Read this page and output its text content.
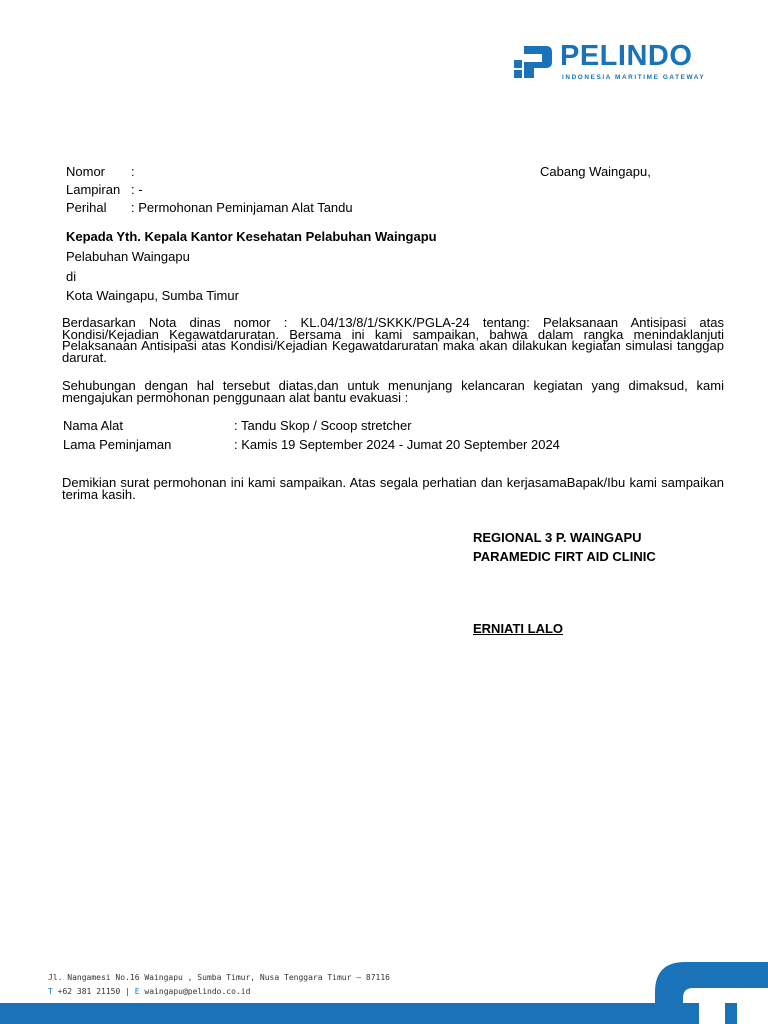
PELINDO
INDONESIA MARITIME GATEWAY
Nomor :	Cabang Waingapu,
Lampiran : -
Perihal : Permohonan Peminjaman Alat Tandu
Kepada Yth. Kepala Kantor Kesehatan Pelabuhan Waingapu
Pelabuhan Waingapu
di
Kota Waingapu, Sumba Timur
Berdasarkan Nota dinas nomor : KL.04/13/8/1/SKKK/PGLA-24 tentang: Pelaksanaan Antisipasi atas Kondisi/Kejadian Kegawatdaruratan. Bersama ini kami sampaikan, bahwa dalam rangka menindaklanjuti Pelaksanaan Antisipasi atas Kondisi/Kejadian Kegawatdaruratan maka akan dilakukan kegiatan simulasi tanggap darurat.
Sehubungan dengan hal tersebut diatas,dan untuk menunjang kelancaran kegiatan yang dimaksud, kami mengajukan permohonan penggunaan alat bantu evakuasi :
Nama Alat	: Tandu Skop / Scoop stretcher
Lama Peminjaman	: Kamis 19 September 2024 - Jumat 20 September 2024
Demikian surat permohonan ini kami sampaikan. Atas segala perhatian dan kerjasamaBapak/Ibu kami sampaikan terima kasih.
REGIONAL 3 P. WAINGAPU
PARAMEDIC FIRT AID CLINIC
ERNIATI LALO
Jl. Nangamesi No.16 Waingapu , Sumba Timur, Nusa Tenggara Timur – 87116
T +62 381 21150 | E waingapu@pelindo.co.id
